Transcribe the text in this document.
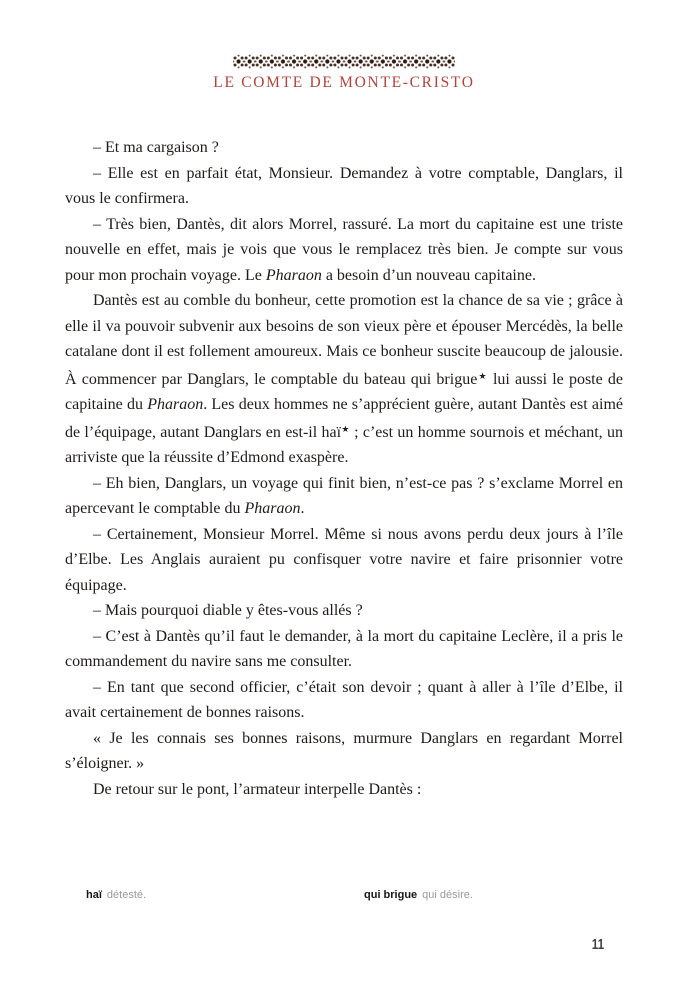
LE COMTE DE MONTE-CRISTO

– Et ma cargaison ?

– Elle est en parfait état, Monsieur. Demandez à votre comptable, Danglars, il vous le confirmera.

– Très bien, Dantès, dit alors Morrel, rassuré. La mort du capitaine est une triste nouvelle en effet, mais je vois que vous le remplacez très bien. Je compte sur vous pour mon prochain voyage. Le Pharaon a besoin d’un nouveau capitaine.

Dantès est au comble du bonheur, cette promotion est la chance de sa vie ; grâce à elle il va pouvoir subvenir aux besoins de son vieux père et épouser Mercédès, la belle catalane dont il est follement amoureux. Mais ce bonheur suscite beaucoup de jalousie. À commencer par Danglars, le comptable du bateau qui brigue★ lui aussi le poste de capitaine du Pharaon. Les deux hommes ne s’apprécient guère, autant Dantès est aimé de l’équipage, autant Danglars en est-il haï★ ; c’est un homme sournois et méchant, un arriviste que la réussite d’Edmond exaspère.

– Eh bien, Danglars, un voyage qui finit bien, n’est-ce pas ? s’exclame Morrel en apercevant le comptable du Pharaon.

– Certainement, Monsieur Morrel. Même si nous avons perdu deux jours à l’île d’Elbe. Les Anglais auraient pu confisquer votre navire et faire prisonnier votre équipage.

– Mais pourquoi diable y êtes-vous allés ?

– C’est à Dantès qu’il faut le demander, à la mort du capitaine Leclère, il a pris le commandement du navire sans me consulter.

– En tant que second officier, c’était son devoir ; quant à aller à l’île d’Elbe, il avait certainement de bonnes raisons.

« Je les connais ses bonnes raisons, murmure Danglars en regardant Morrel s’éloigner. »

De retour sur le pont, l’armateur interpelle Dantès :

haï détesté.	qui brigue qui désire.
11
